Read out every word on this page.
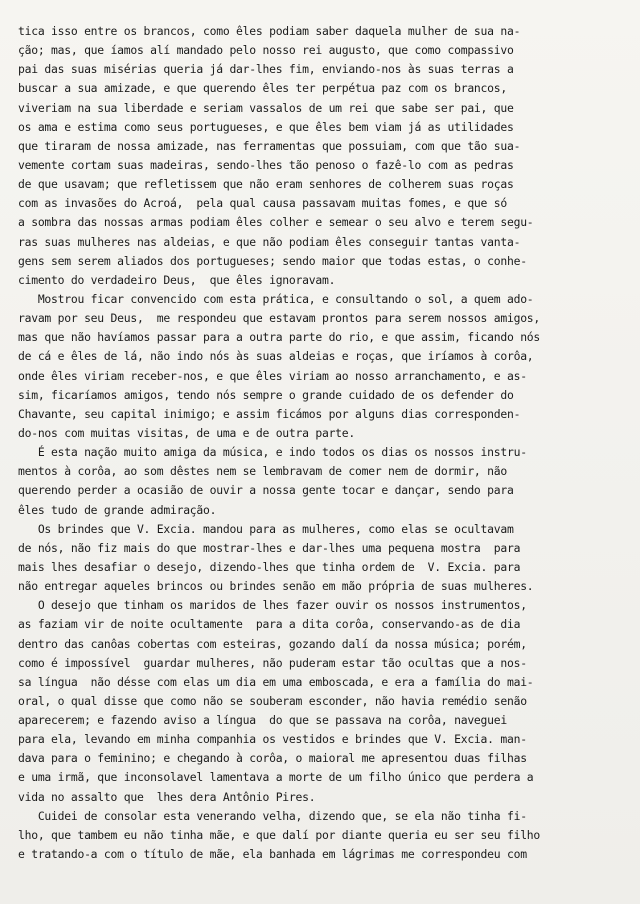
tica isso entre os brancos, como êles podiam saber daquela mulher de sua na-
ção; mas, que íamos alí mandado pelo nosso rei augusto, que como compassivo
pai das suas misérias queria já dar-lhes fim, enviando-nos às suas terras a
buscar a sua amizade, e que querendo êles ter perpétua paz com os brancos,
viveriam na sua liberdade e seriam vassalos de um rei que sabe ser pai, que
os ama e estima como seus portugueses, e que êles bem viam já as utilidades
que tiraram de nossa amizade, nas ferramentas que possuiam, com que tão sua-
vemente cortam suas madeiras, sendo-lhes tão penoso o fazê-lo com as pedras
de que usavam; que refletissem que não eram senhores de colherem suas roças
com as invasões do Acroá,  pela qual causa passavam muitas fomes, e que só
a sombra das nossas armas podiam êles colher e semear o seu alvo e terem segu-
ras suas mulheres nas aldeias, e que não podiam êles conseguir tantas vanta-
gens sem serem aliados dos portugueses; sendo maior que todas estas, o conhe-
cimento do verdadeiro Deus,  que êles ignoravam.
Mostrou ficar convencido com esta prática, e consultando o sol, a quem ado-
ravam por seu Deus,  me respondeu que estavam prontos para serem nossos amigos,
mas que não havíamos passar para a outra parte do rio, e que assim, ficando nós
de cá e êles de lá, não indo nós às suas aldeias e roças, que iríamos à corôa,
onde êles viriam receber-nos, e que êles viriam ao nosso arranchamento, e as-
sim, ficaríamos amigos, tendo nós sempre o grande cuidado de os defender do
Chavante, seu capital inimigo; e assim ficámos por alguns dias corresponden-
do-nos com muitas visitas, de uma e de outra parte.
É esta nação muito amiga da música, e indo todos os dias os nossos instru-
mentos à corôa, ao som dêstes nem se lembravam de comer nem de dormir, não
querendo perder a ocasião de ouvir a nossa gente tocar e dançar, sendo para
êles tudo de grande admiração.
Os brindes que V. Excia. mandou para as mulheres, como elas se ocultavam
de nós, não fiz mais do que mostrar-lhes e dar-lhes uma pequena mostra  para
mais lhes desafiar o desejo, dizendo-lhes que tinha ordem de  V. Excia. para
não entregar aqueles brincos ou brindes senão em mão própria de suas mulheres.
O desejo que tinham os maridos de lhes fazer ouvir os nossos instrumentos,
as faziam vir de noite ocultamente  para a dita corôa, conservando-as de dia
dentro das canôas cobertas com esteiras, gozando dalí da nossa música; porém,
como é impossível  guardar mulheres, não puderam estar tão ocultas que a nos-
sa língua  não désse com elas um dia em uma emboscada, e era a família do mai-
oral, o qual disse que como não se souberam esconder, não havia remédio senão
aparecerem; e fazendo aviso a língua  do que se passava na corôa, naveguei
para ela, levando em minha companhia os vestidos e brindes que V. Excia. man-
dava para o feminino; e chegando à corôa, o maioral me apresentou duas filhas
e uma irmã, que inconsolavel lamentava a morte de um filho único que perdera a
vida no assalto que  lhes dera Antônio Pires.
Cuidei de consolar esta venerando velha, dizendo que, se ela não tinha fi-
lho, que tambem eu não tinha mãe, e que dalí por diante queria eu ser seu filho
e tratando-a com o título de mãe, ela banhada em lágrimas me correspondeu com
